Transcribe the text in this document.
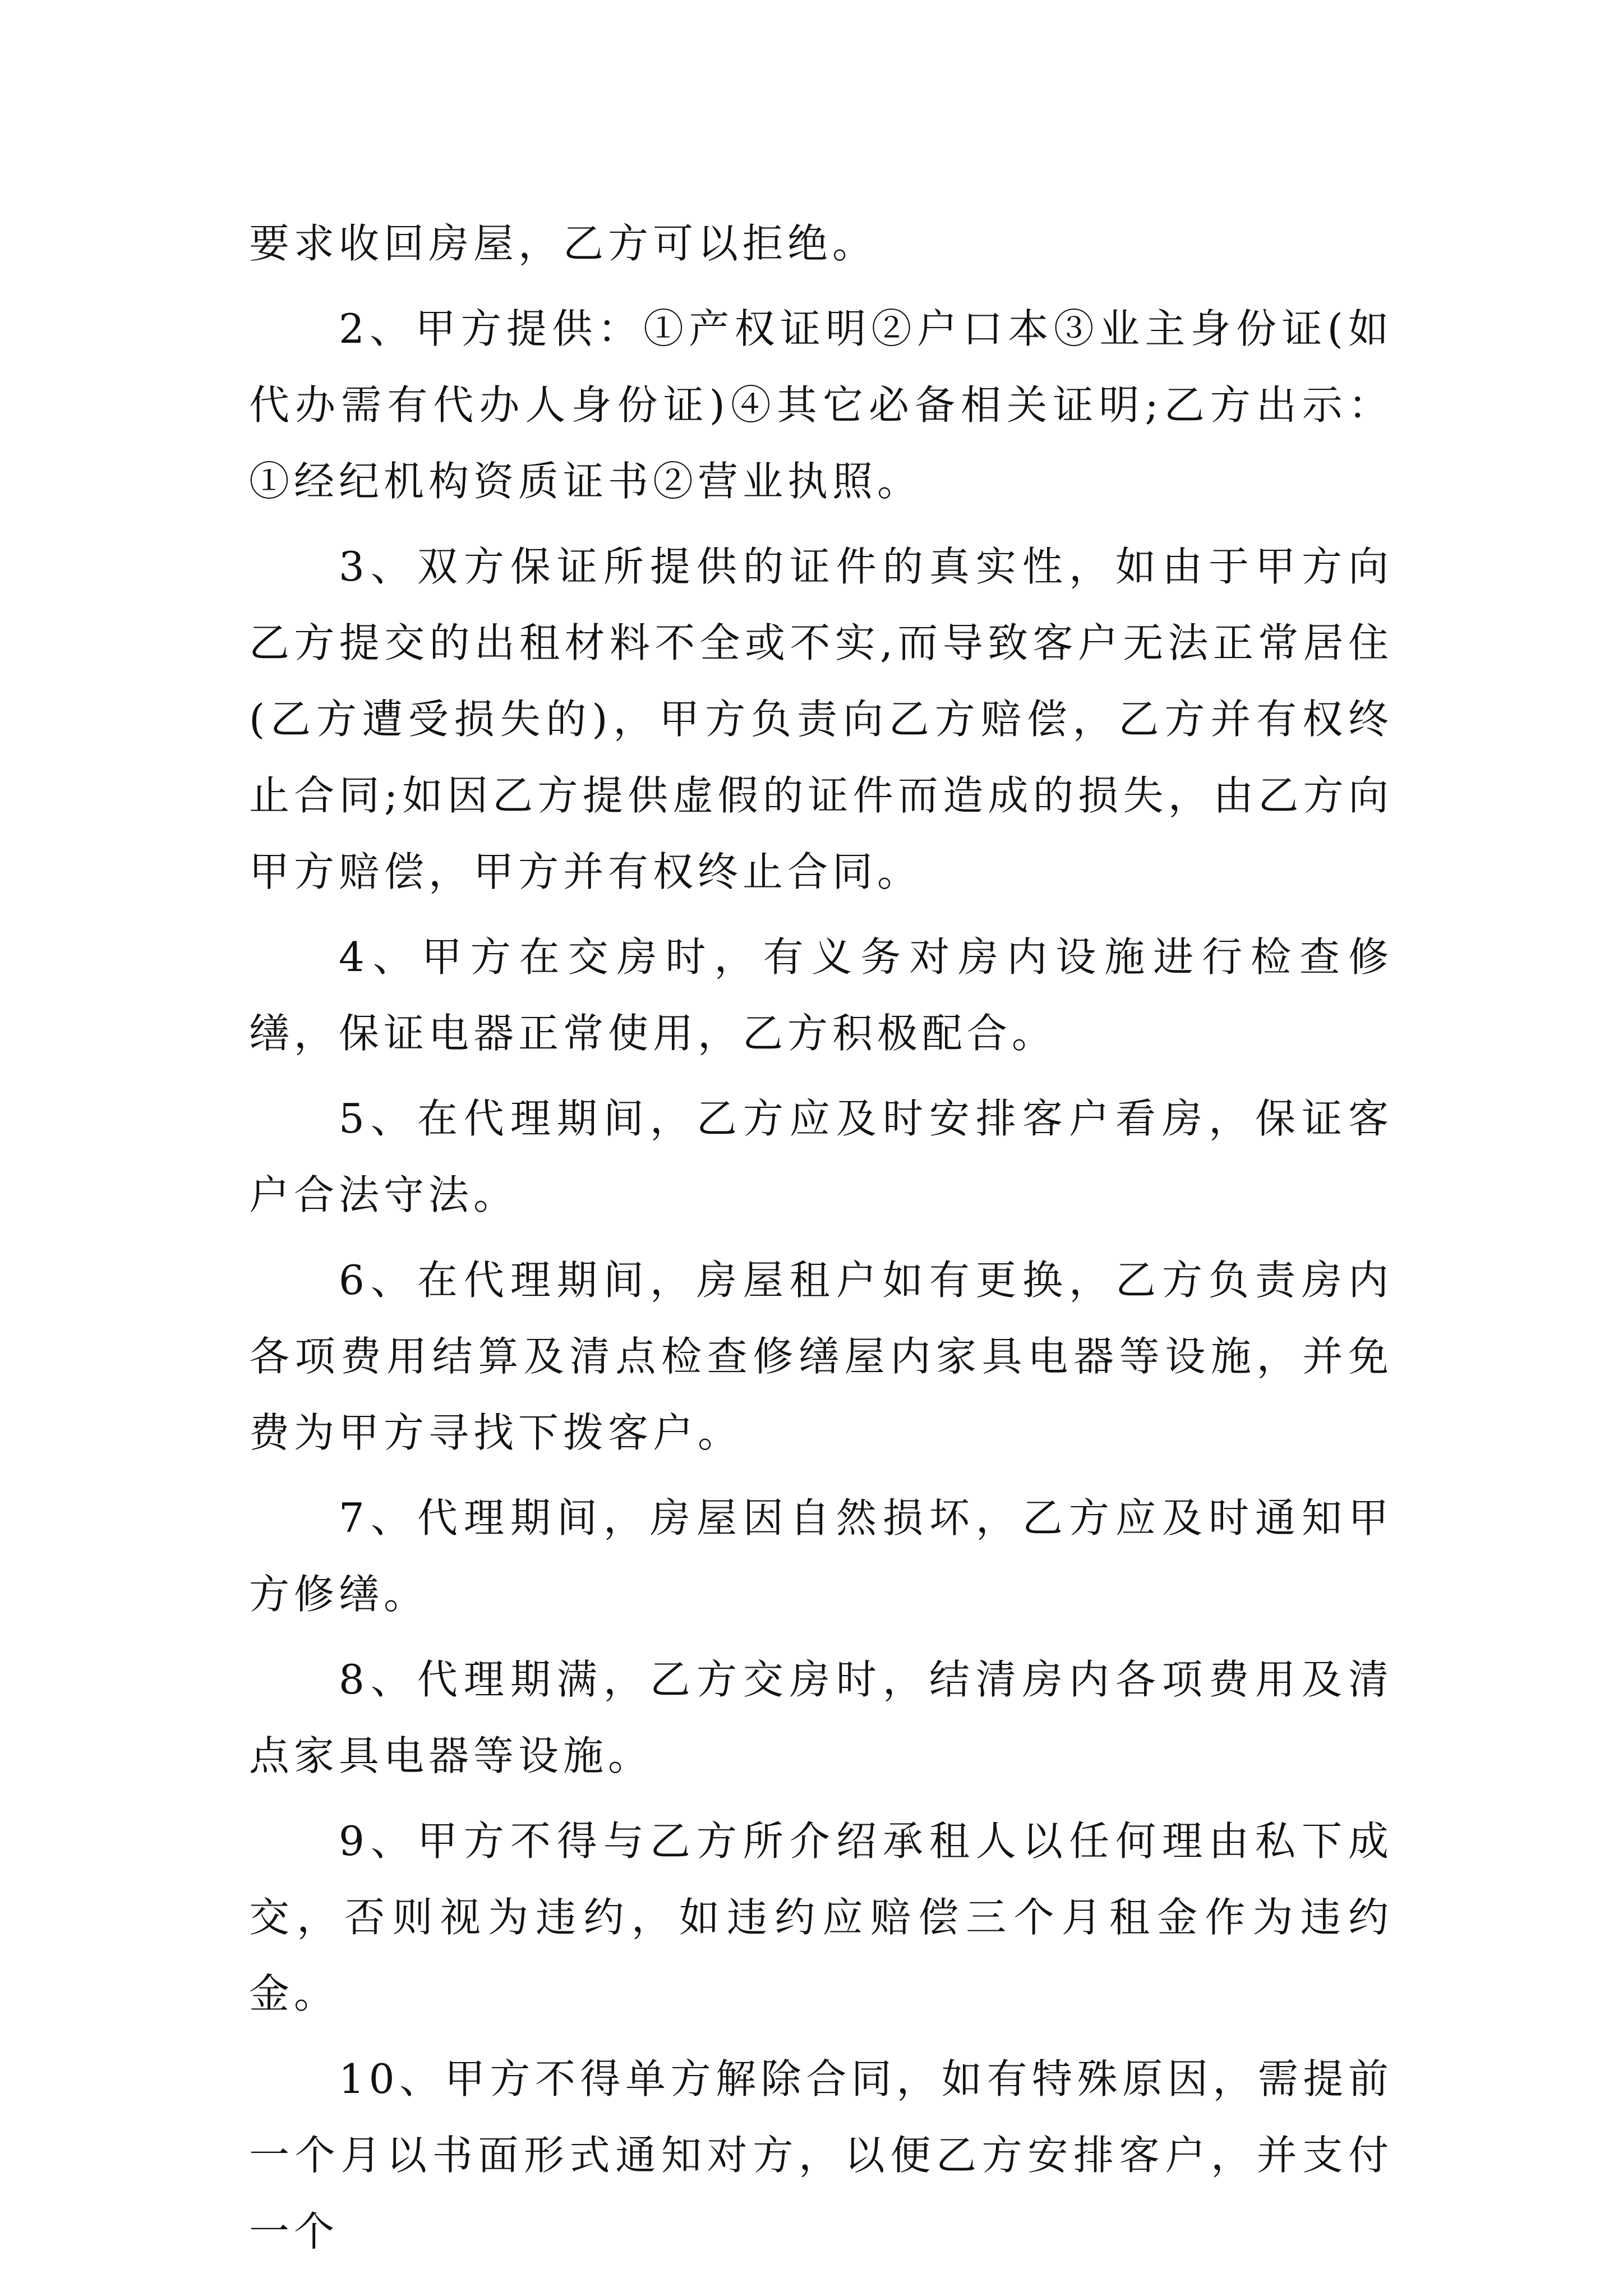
要求收回房屋，乙方可以拒绝。

2、甲方提供：①产权证明②户口本③业主身份证(如代办需有代办人身份证)④其它必备相关证明;乙方出示：①经纪机构资质证书②营业执照。

3、双方保证所提供的证件的真实性，如由于甲方向乙方提交的出租材料不全或不实,而导致客户无法正常居住(乙方遭受损失的)，甲方负责向乙方赔偿，乙方并有权终止合同;如因乙方提供虚假的证件而造成的损失，由乙方向甲方赔偿，甲方并有权终止合同。

4、甲方在交房时，有义务对房内设施进行检查修缮，保证电器正常使用，乙方积极配合。

5、在代理期间，乙方应及时安排客户看房，保证客户合法守法。

6、在代理期间，房屋租户如有更换，乙方负责房内各项费用结算及清点检查修缮屋内家具电器等设施，并免费为甲方寻找下拨客户。

7、代理期间，房屋因自然损坏，乙方应及时通知甲方修缮。

8、代理期满，乙方交房时，结清房内各项费用及清点家具电器等设施。

9、甲方不得与乙方所介绍承租人以任何理由私下成交，否则视为违约，如违约应赔偿三个月租金作为违约金。

10、甲方不得单方解除合同，如有特殊原因，需提前一个月以书面形式通知对方，以便乙方安排客户，并支付一个
